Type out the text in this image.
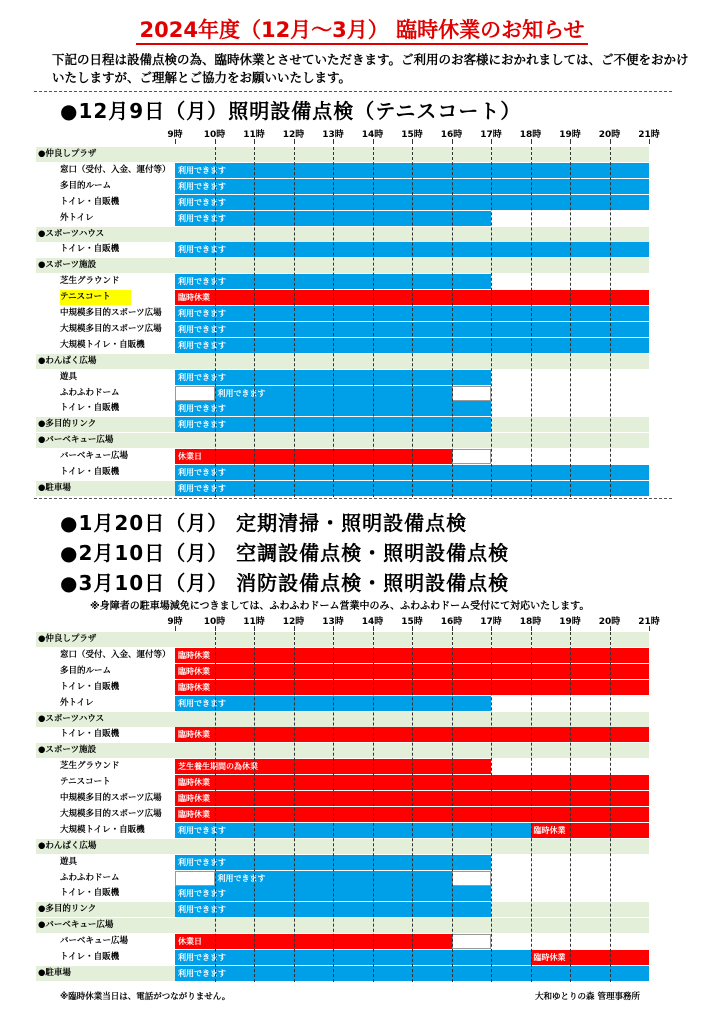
2024年度（12月～3月） 臨時休業のお知らせ
下記の日程は設備点検の為、臨時休業とさせていただきます。ご利用のお客様におかれましては、ご不便をおかけいたしますが、ご理解とご協力をお願いいたします。
●12月9日（月）照明設備点検（テニスコート）
9時 10時 11時 12時 13時 14時 15時 16時 17時 18時 19時 20時 21時
●仲良しプラザ
窓口（受付、入金、運付等） 利用できます
多目的ルーム	利用できます
トイレ・自販機	利用できます
外トイレ	利用できます
●スポーツハウス
トイレ・自販機	利用できます
●スポーツ施設
芝生グラウンド	利用できます
テニスコート	臨時休業
中規模多目的スポーツ広場 利用できます
大規模多目的スポーツ広場 利用できます
大規模トイレ・自販機	利用できます
●わんぱく広場
遊具	利用できます
ふわふわドーム	利用できます
トイレ・自販機	利用できます
●多目的リンク	利用できます
●バーベキュー広場
バーベキュー広場	休業日
トイレ・自販機	利用できます
●駐車場	利用できます
●1月20日（月） 定期清掃・照明設備点検
●2月10日（月） 空調設備点検・照明設備点検
●3月10日（月） 消防設備点検・照明設備点検
※身障者の駐車場減免につきましては、ふわふわドーム営業中のみ、ふわふわドーム受付にて対応いたします。
9時 10時 11時 12時 13時 14時 15時 16時 17時 18時 19時 20時 21時
●仲良しプラザ
窓口（受付、入金、運付等） 臨時休業
多目的ルーム	臨時休業
トイレ・自販機	臨時休業
外トイレ	利用できます
●スポーツハウス
トイレ・自販機	臨時休業
●スポーツ施設
芝生グラウンド	芝生養生期間の為休業
テニスコート	臨時休業
中規模多目的スポーツ広場 臨時休業
大規模多目的スポーツ広場 臨時休業
大規模トイレ・自販機	利用できます	臨時休業
●わんぱく広場
遊具	利用できます
ふわふわドーム	利用できます
トイレ・自販機	利用できます
●多目的リンク	利用できます
●バーベキュー広場
バーベキュー広場	休業日
トイレ・自販機	利用できます	臨時休業
●駐車場	利用できます
※臨時休業当日は、電話がつながりません。	大和ゆとりの森 管理事務所
